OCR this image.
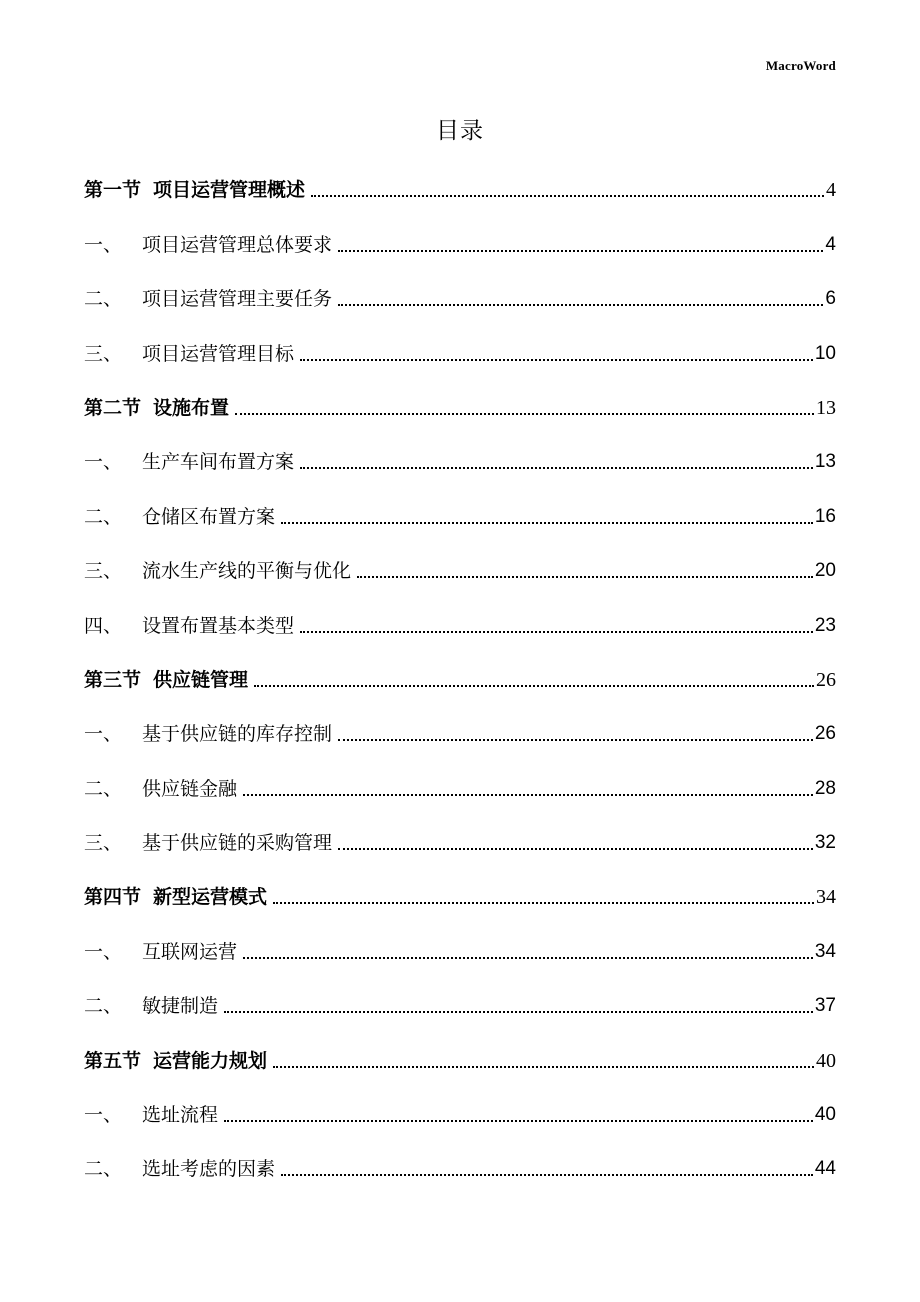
MacroWord
目录
第一节 项目运营管理概述	4
一、	项目运营管理总体要求	4
二、	项目运营管理主要任务	6
三、	项目运营管理目标	10
第二节 设施布置	13
一、	生产车间布置方案	13
二、	仓储区布置方案	16
三、	流水生产线的平衡与优化	20
四、	设置布置基本类型	23
第三节 供应链管理	26
一、	基于供应链的库存控制	26
二、	供应链金融	28
三、	基于供应链的采购管理	32
第四节 新型运营模式	34
一、	互联网运营	34
二、	敏捷制造	37
第五节 运营能力规划	40
一、	选址流程	40
二、	选址考虑的因素	44
